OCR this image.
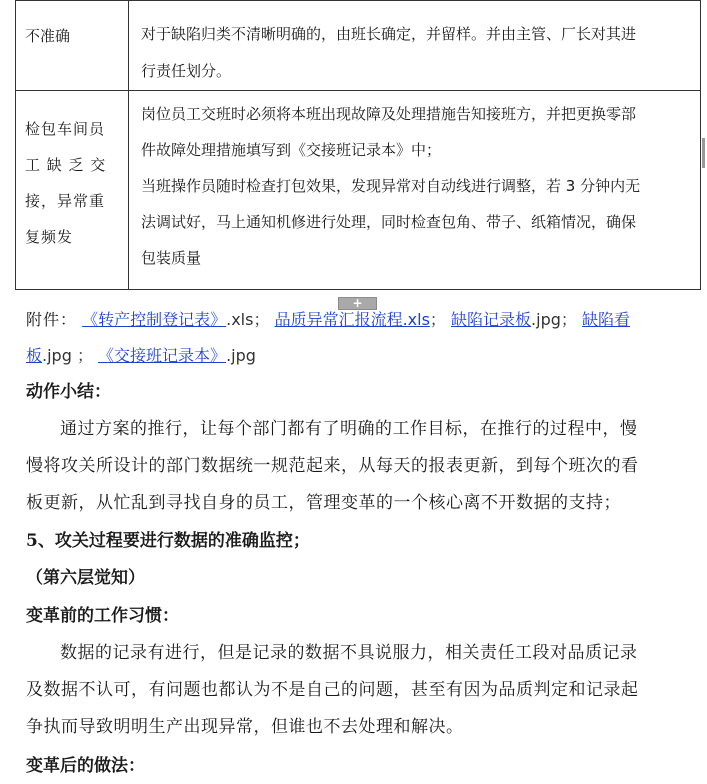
不准确	对于缺陷归类不清晰明确的，由班长确定，并留样。并由主管、厂长对其进
行责任划分。

检包车间员
工 缺 乏 交
接，异常重
复频发	岗位员工交班时必须将本班出现故障及处理措施告知接班方，并把更换零部
件故障处理措施填写到《交接班记录本》中；
当班操作员随时检查打包效果，发现异常对自动线进行调整，若 3 分钟内无
法调试好，马上通知机修进行处理，同时检查包角、带子、纸箱情况，确保
包装质量
+

附件： 《转产控制登记表》.xls； 品质异常汇报流程.xls； 缺陷记录板.jpg； 缺陷看
板.jpg ； 《交接班记录本》.jpg

动作小结：

通过方案的推行，让每个部门都有了明确的工作目标，在推行的过程中，慢
慢将攻关所设计的部门数据统一规范起来，从每天的报表更新，到每个班次的看
板更新，从忙乱到寻找自身的员工，管理变革的一个核心离不开数据的支持；

5、攻关过程要进行数据的准确监控；

（第六层觉知）

变革前的工作习惯：

数据的记录有进行，但是记录的数据不具说服力，相关责任工段对品质记录
及数据不认可，有问题也都认为不是自己的问题，甚至有因为品质判定和记录起
争执而导致明明生产出现异常，但谁也不去处理和解决。

变革后的做法：
